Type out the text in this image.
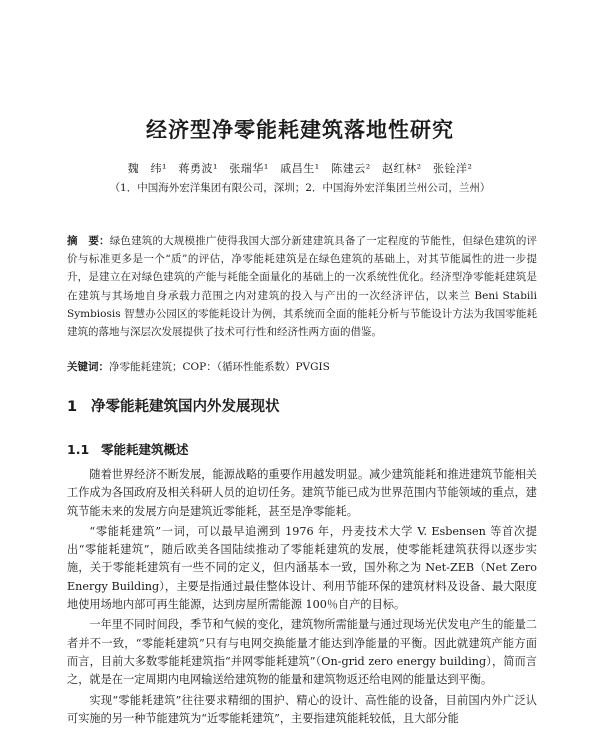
经济型净零能耗建筑落地性研究
魏　纬¹　蒋勇波¹　张瑞华¹　戚昌生¹　陈建云²　赵红林²　张铨洋²
（1．中国海外宏洋集团有限公司，深圳；2．中国海外宏洋集团兰州公司，兰州）
摘　要：绿色建筑的大规模推广使得我国大部分新建建筑具备了一定程度的节能性，但绿色建筑的评价与标准更多是一个“质”的评估，净零能耗建筑是在绿色建筑的基础上，对其节能属性的进一步提升，是建立在对绿色建筑的产能与耗能全面量化的基础上的一次系统性优化。经济型净零能耗建筑是在建筑与其场地自身承载力范围之内对建筑的投入与产出的一次经济评估，以来兰 Beni Stabili Symbiosis 智慧办公园区的零能耗设计为例，其系统而全面的能耗分析与节能设计方法为我国零能耗建筑的落地与深层次发展提供了技术可行性和经济性两方面的借鉴。
关键词：净零能耗建筑；COP：（循环性能系数）PVGIS
1 净零能耗建筑国内外发展现状
1.1 零能耗建筑概述

随着世界经济不断发展，能源战略的重要作用越发明显。减少建筑能耗和推进建筑节能相关工作成为各国政府及相关科研人员的迫切任务。建筑节能已成为世界范围内节能领域的重点，建筑节能未来的发展方向是建筑近零能耗，甚至是净零能耗。

“零能耗建筑”一词，可以最早追溯到 1976 年，丹麦技术大学 V. Esbensen 等首次提出“零能耗建筑”，随后欧美各国陆续推动了零能耗建筑的发展，使零能耗建筑获得以逐步实施，关于零能耗建筑有一些不同的定义，但内涵基本一致，国外称之为 Net-ZEB（Net Zero Energy Building），主要是指通过最佳整体设计、利用节能环保的建筑材料及设备、最大限度地使用场地内部可再生能源，达到房屋所需能源 100％自产的目标。

一年里不同时间段，季节和气候的变化，建筑物所需能量与通过现场光伏发电产生的能量二者并不一致，“零能耗建筑”只有与电网交换能量才能达到净能量的平衡。因此就建筑产能方面而言，目前大多数零能耗建筑指“并网零能耗建筑”（On-grid zero energy building），简而言之，就是在一定周期内电网输送给建筑物的能量和建筑物返还给电网的能量达到平衡。

实现“零能耗建筑”往往要求精细的围护、精心的设计、高性能的设备，目前国内外广泛认可实施的另一种节能建筑为“近零能耗建筑”，主要指建筑能耗较低，且大部分能
